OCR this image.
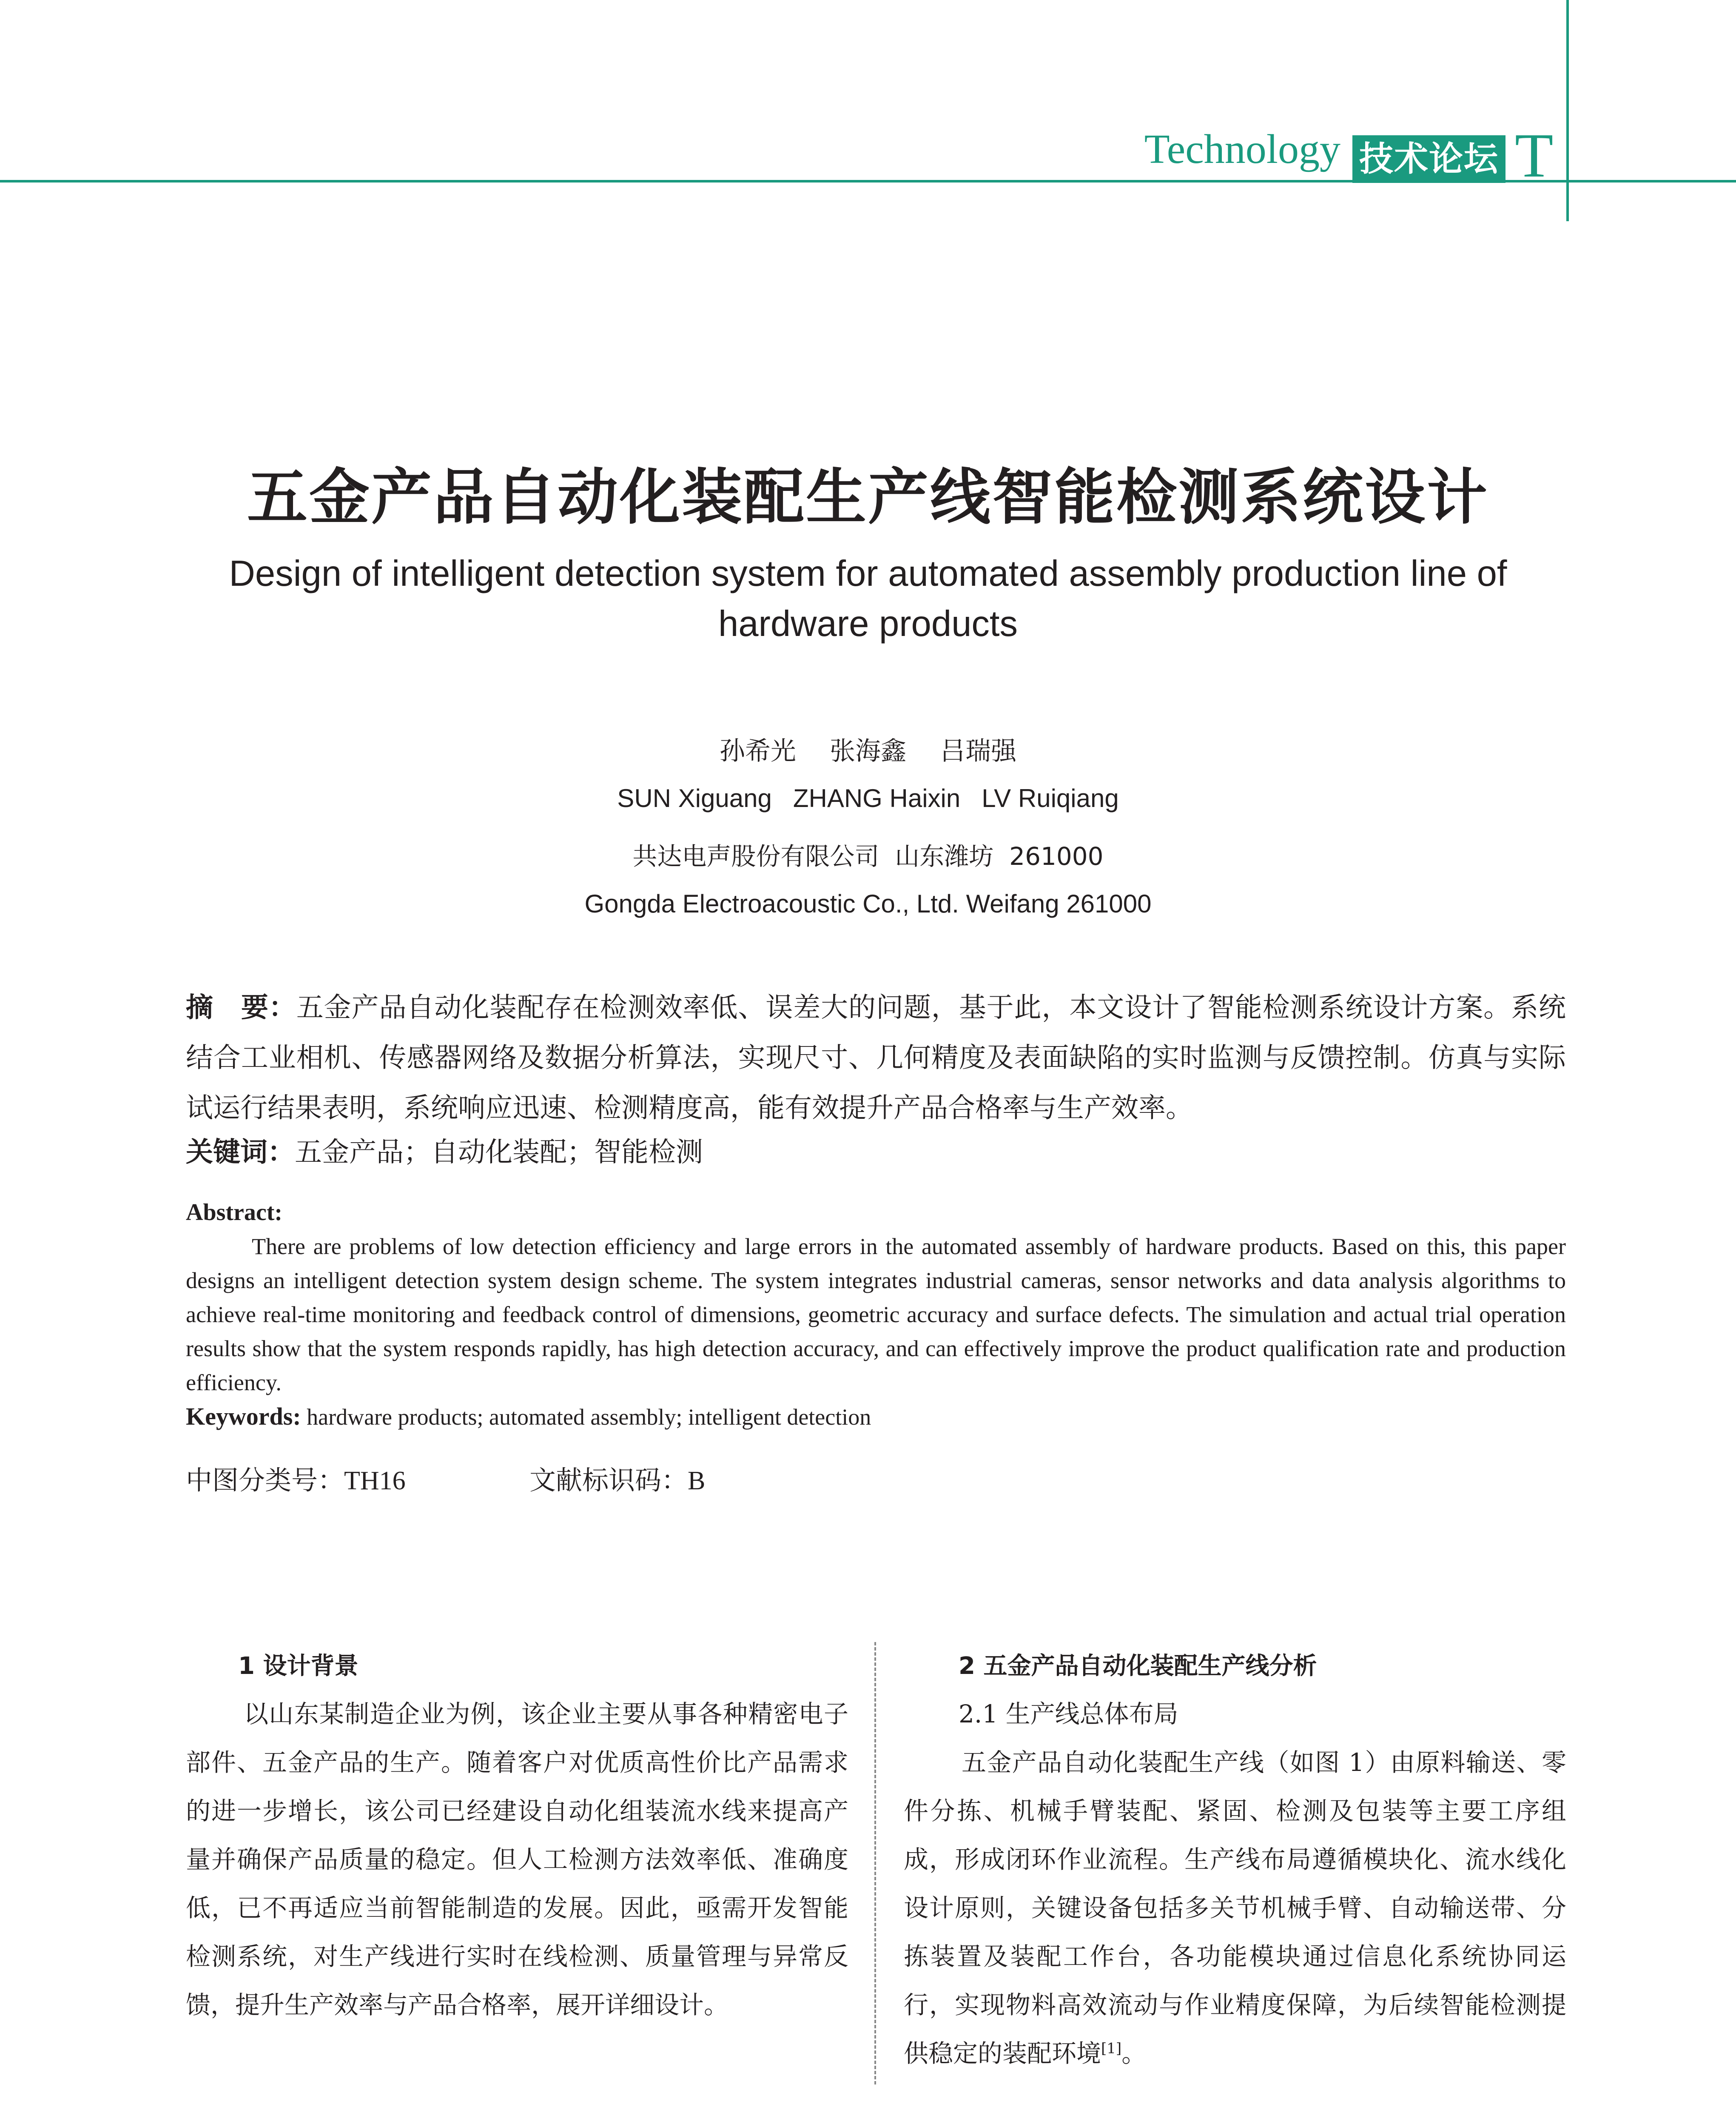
Technology 技术论坛 T
五金产品自动化装配生产线智能检测系统设计
Design of intelligent detection system for automated assembly production line of hardware products
孙希光 张海鑫 吕瑞强
SUN Xiguang   ZHANG Haixin   LV Ruiqiang
共达电声股份有限公司  山东潍坊  261000
Gongda Electroacoustic Co., Ltd. Weifang 261000
摘　要：五金产品自动化装配存在检测效率低、误差大的问题，基于此，本文设计了智能检测系统设计方案。系统结合工业相机、传感器网络及数据分析算法，实现尺寸、几何精度及表面缺陷的实时监测与反馈控制。仿真与实际试运行结果表明，系统响应迅速、检测精度高，能有效提升产品合格率与生产效率。
关键词：五金产品；自动化装配；智能检测
Abstract:
There are problems of low detection efficiency and large errors in the automated assembly of hardware products. Based on this, this paper designs an intelligent detection system design scheme. The system integrates industrial cameras, sensor networks and data analysis algorithms to achieve real-time monitoring and feedback control of dimensions, geometric accuracy and surface defects. The simulation and actual trial operation results show that the system responds rapidly, has high detection accuracy, and can effectively improve the product qualification rate and production efficiency.
Keywords: hardware products; automated assembly; intelligent detection
中图分类号：TH16	文献标识码：B
1 设计背景
以山东某制造企业为例，该企业主要从事各种精密电子部件、五金产品的生产。随着客户对优质高性价比产品需求的进一步增长，该公司已经建设自动化组装流水线来提高产量并确保产品质量的稳定。但人工检测方法效率低、准确度低，已不再适应当前智能制造的发展。因此，亟需开发智能检测系统，对生产线进行实时在线检测、质量管理与异常反馈，提升生产效率与产品合格率，展开详细设计。
2 五金产品自动化装配生产线分析
2.1 生产线总体布局
五金产品自动化装配生产线（如图 1）由原料输送、零件分拣、机械手臂装配、紧固、检测及包装等主要工序组成，形成闭环作业流程。生产线布局遵循模块化、流水线化设计原则，关键设备包括多关节机械手臂、自动输送带、分拣装置及装配工作台，各功能模块通过信息化系统协同运行，实现物料高效流动与作业精度保障，为后续智能检测提供稳定的装配环境[1]。
